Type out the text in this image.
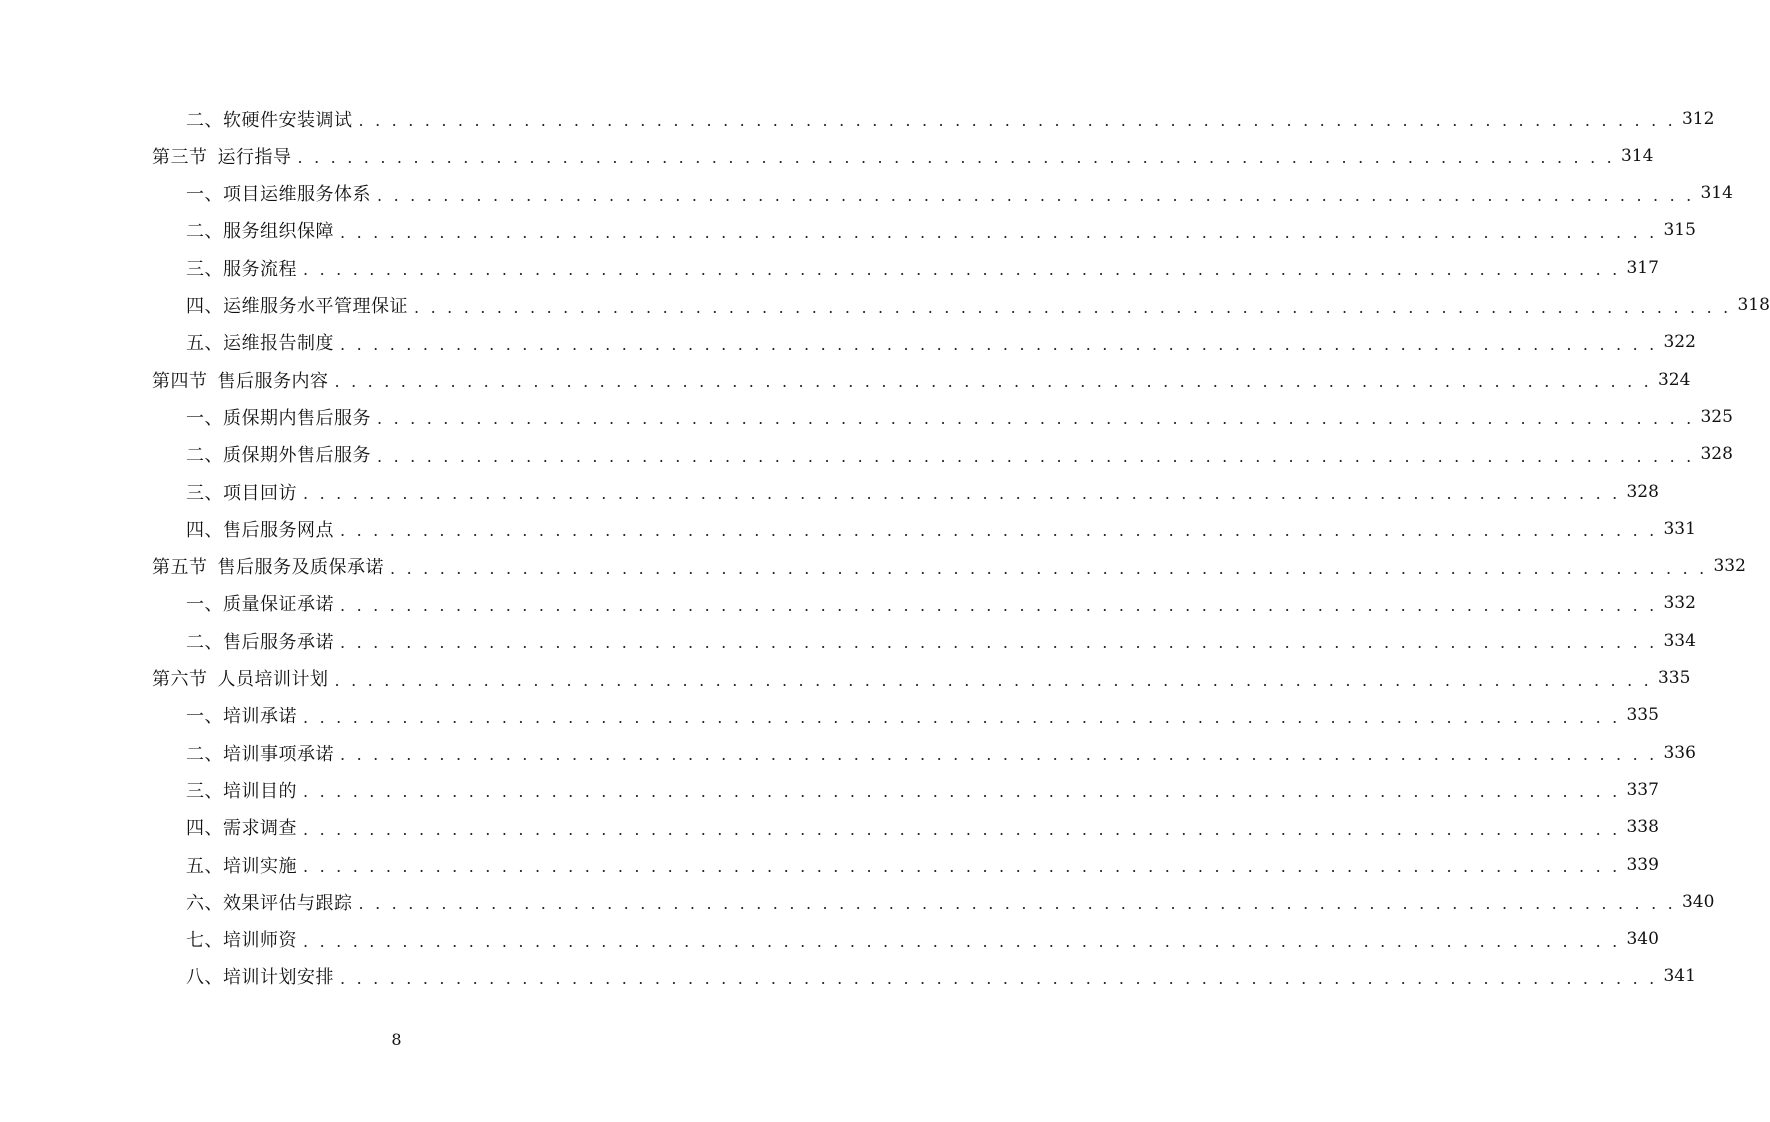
二、软硬件安装调试 . . . . . . . . . . . . . . . . . . . . . . . . . . . . . . . . . . . . . . . . . . . . . . . . . . . . . . . . . . . . . . . . . . . . . . . . . . . . . . . . 312
第三节 运行指导 . . . . . . . . . . . . . . . . . . . . . . . . . . . . . . . . . . . . . . . . . . . . . . . . . . . . . . . . . . . . . . . . . . . . . . . . . . . . . . . . 314
一、项目运维服务体系 . . . . . . . . . . . . . . . . . . . . . . . . . . . . . . . . . . . . . . . . . . . . . . . . . . . . . . . . . . . . . . . . . . . . . . . . . . . . . . . . 314
二、服务组织保障 . . . . . . . . . . . . . . . . . . . . . . . . . . . . . . . . . . . . . . . . . . . . . . . . . . . . . . . . . . . . . . . . . . . . . . . . . . . . . . . . 315
三、服务流程 . . . . . . . . . . . . . . . . . . . . . . . . . . . . . . . . . . . . . . . . . . . . . . . . . . . . . . . . . . . . . . . . . . . . . . . . . . . . . . . . 317
四、运维服务水平管理保证 . . . . . . . . . . . . . . . . . . . . . . . . . . . . . . . . . . . . . . . . . . . . . . . . . . . . . . . . . . . . . . . . . . . . . . . . . . . . . . . . 318
五、运维报告制度 . . . . . . . . . . . . . . . . . . . . . . . . . . . . . . . . . . . . . . . . . . . . . . . . . . . . . . . . . . . . . . . . . . . . . . . . . . . . . . . . 322
第四节 售后服务内容 . . . . . . . . . . . . . . . . . . . . . . . . . . . . . . . . . . . . . . . . . . . . . . . . . . . . . . . . . . . . . . . . . . . . . . . . . . . . . . . . 324
一、质保期内售后服务 . . . . . . . . . . . . . . . . . . . . . . . . . . . . . . . . . . . . . . . . . . . . . . . . . . . . . . . . . . . . . . . . . . . . . . . . . . . . . . . . 325
二、质保期外售后服务 . . . . . . . . . . . . . . . . . . . . . . . . . . . . . . . . . . . . . . . . . . . . . . . . . . . . . . . . . . . . . . . . . . . . . . . . . . . . . . . . 328
三、项目回访 . . . . . . . . . . . . . . . . . . . . . . . . . . . . . . . . . . . . . . . . . . . . . . . . . . . . . . . . . . . . . . . . . . . . . . . . . . . . . . . . 328
四、售后服务网点 . . . . . . . . . . . . . . . . . . . . . . . . . . . . . . . . . . . . . . . . . . . . . . . . . . . . . . . . . . . . . . . . . . . . . . . . . . . . . . . . 331
第五节 售后服务及质保承诺 . . . . . . . . . . . . . . . . . . . . . . . . . . . . . . . . . . . . . . . . . . . . . . . . . . . . . . . . . . . . . . . . . . . . . . . . . . . . . . . . 332
一、质量保证承诺 . . . . . . . . . . . . . . . . . . . . . . . . . . . . . . . . . . . . . . . . . . . . . . . . . . . . . . . . . . . . . . . . . . . . . . . . . . . . . . . . 332
二、售后服务承诺 . . . . . . . . . . . . . . . . . . . . . . . . . . . . . . . . . . . . . . . . . . . . . . . . . . . . . . . . . . . . . . . . . . . . . . . . . . . . . . . . 334
第六节 人员培训计划 . . . . . . . . . . . . . . . . . . . . . . . . . . . . . . . . . . . . . . . . . . . . . . . . . . . . . . . . . . . . . . . . . . . . . . . . . . . . . . . . 335
一、培训承诺 . . . . . . . . . . . . . . . . . . . . . . . . . . . . . . . . . . . . . . . . . . . . . . . . . . . . . . . . . . . . . . . . . . . . . . . . . . . . . . . . 335
二、培训事项承诺 . . . . . . . . . . . . . . . . . . . . . . . . . . . . . . . . . . . . . . . . . . . . . . . . . . . . . . . . . . . . . . . . . . . . . . . . . . . . . . . . 336
三、培训目的 . . . . . . . . . . . . . . . . . . . . . . . . . . . . . . . . . . . . . . . . . . . . . . . . . . . . . . . . . . . . . . . . . . . . . . . . . . . . . . . . 337
四、需求调查 . . . . . . . . . . . . . . . . . . . . . . . . . . . . . . . . . . . . . . . . . . . . . . . . . . . . . . . . . . . . . . . . . . . . . . . . . . . . . . . . 338
五、培训实施 . . . . . . . . . . . . . . . . . . . . . . . . . . . . . . . . . . . . . . . . . . . . . . . . . . . . . . . . . . . . . . . . . . . . . . . . . . . . . . . . 339
六、效果评估与跟踪 . . . . . . . . . . . . . . . . . . . . . . . . . . . . . . . . . . . . . . . . . . . . . . . . . . . . . . . . . . . . . . . . . . . . . . . . . . . . . . . . 340
七、培训师资 . . . . . . . . . . . . . . . . . . . . . . . . . . . . . . . . . . . . . . . . . . . . . . . . . . . . . . . . . . . . . . . . . . . . . . . . . . . . . . . . 340
八、培训计划安排 . . . . . . . . . . . . . . . . . . . . . . . . . . . . . . . . . . . . . . . . . . . . . . . . . . . . . . . . . . . . . . . . . . . . . . . . . . . . . . . . 341
8
